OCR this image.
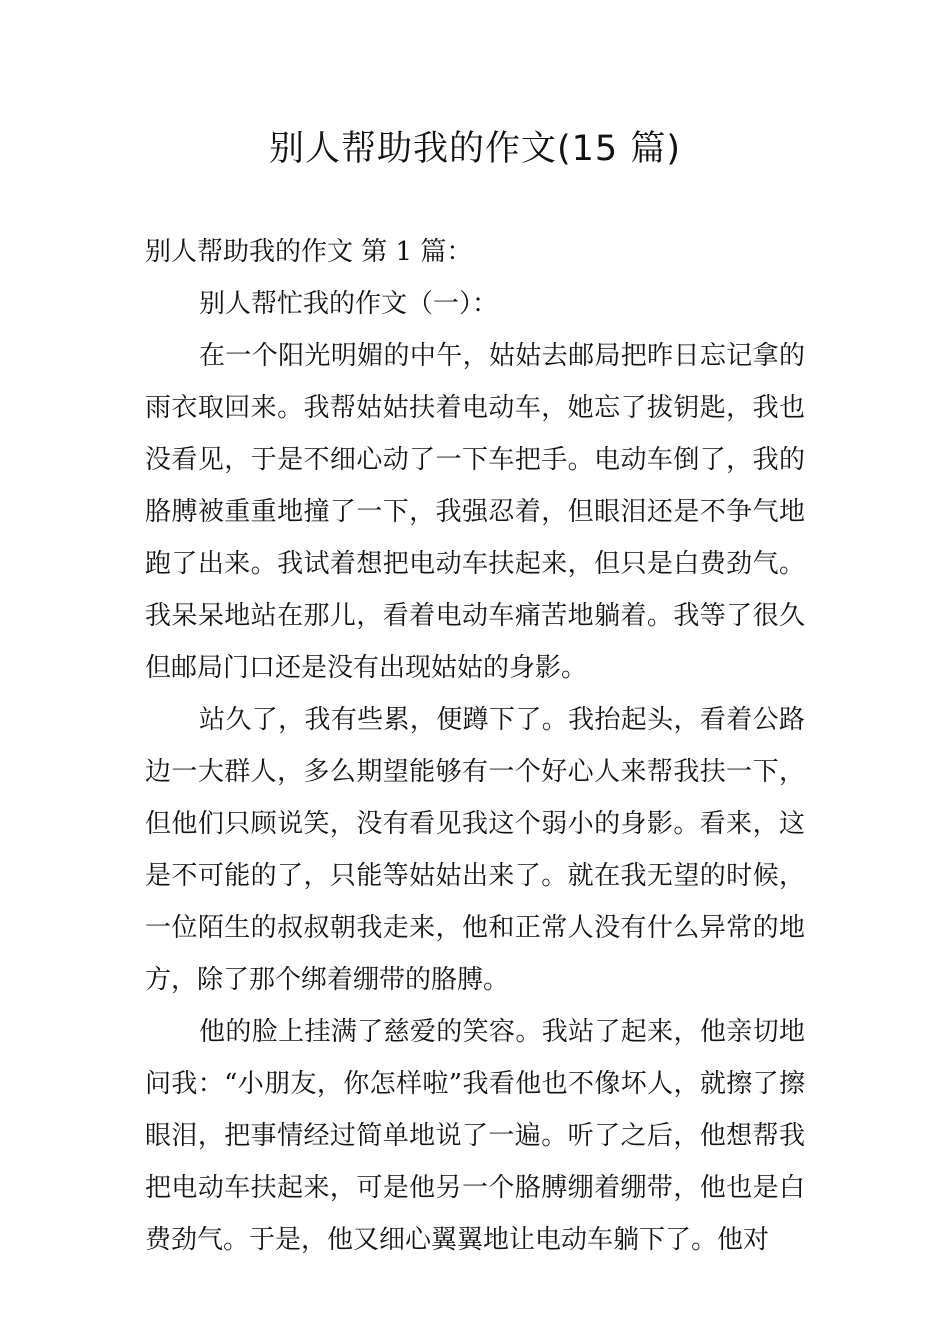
别人帮助我的作文(15 篇)

别人帮助我的作文 第 1 篇：

别人帮忙我的作文（一）：

在一个阳光明媚的中午，姑姑去邮局把昨日忘记拿的雨衣取回来。我帮姑姑扶着电动车，她忘了拔钥匙，我也没看见，于是不细心动了一下车把手。电动车倒了，我的胳膊被重重地撞了一下，我强忍着，但眼泪还是不争气地跑了出来。我试着想把电动车扶起来，但只是白费劲气。我呆呆地站在那儿，看着电动车痛苦地躺着。我等了很久但邮局门口还是没有出现姑姑的身影。

站久了，我有些累，便蹲下了。我抬起头，看着公路边一大群人，多么期望能够有一个好心人来帮我扶一下，但他们只顾说笑，没有看见我这个弱小的身影。看来，这是不可能的了，只能等姑姑出来了。就在我无望的时候，一位陌生的叔叔朝我走来，他和正常人没有什么异常的地方，除了那个绑着绷带的胳膊。

他的脸上挂满了慈爱的笑容。我站了起来，他亲切地问我：“小朋友，你怎样啦”我看他也不像坏人，就擦了擦眼泪，把事情经过简单地说了一遍。听了之后，他想帮我把电动车扶起来，可是他另一个胳膊绷着绷带，他也是白费劲气。于是，他又细心翼翼地让电动车躺下了。他对
